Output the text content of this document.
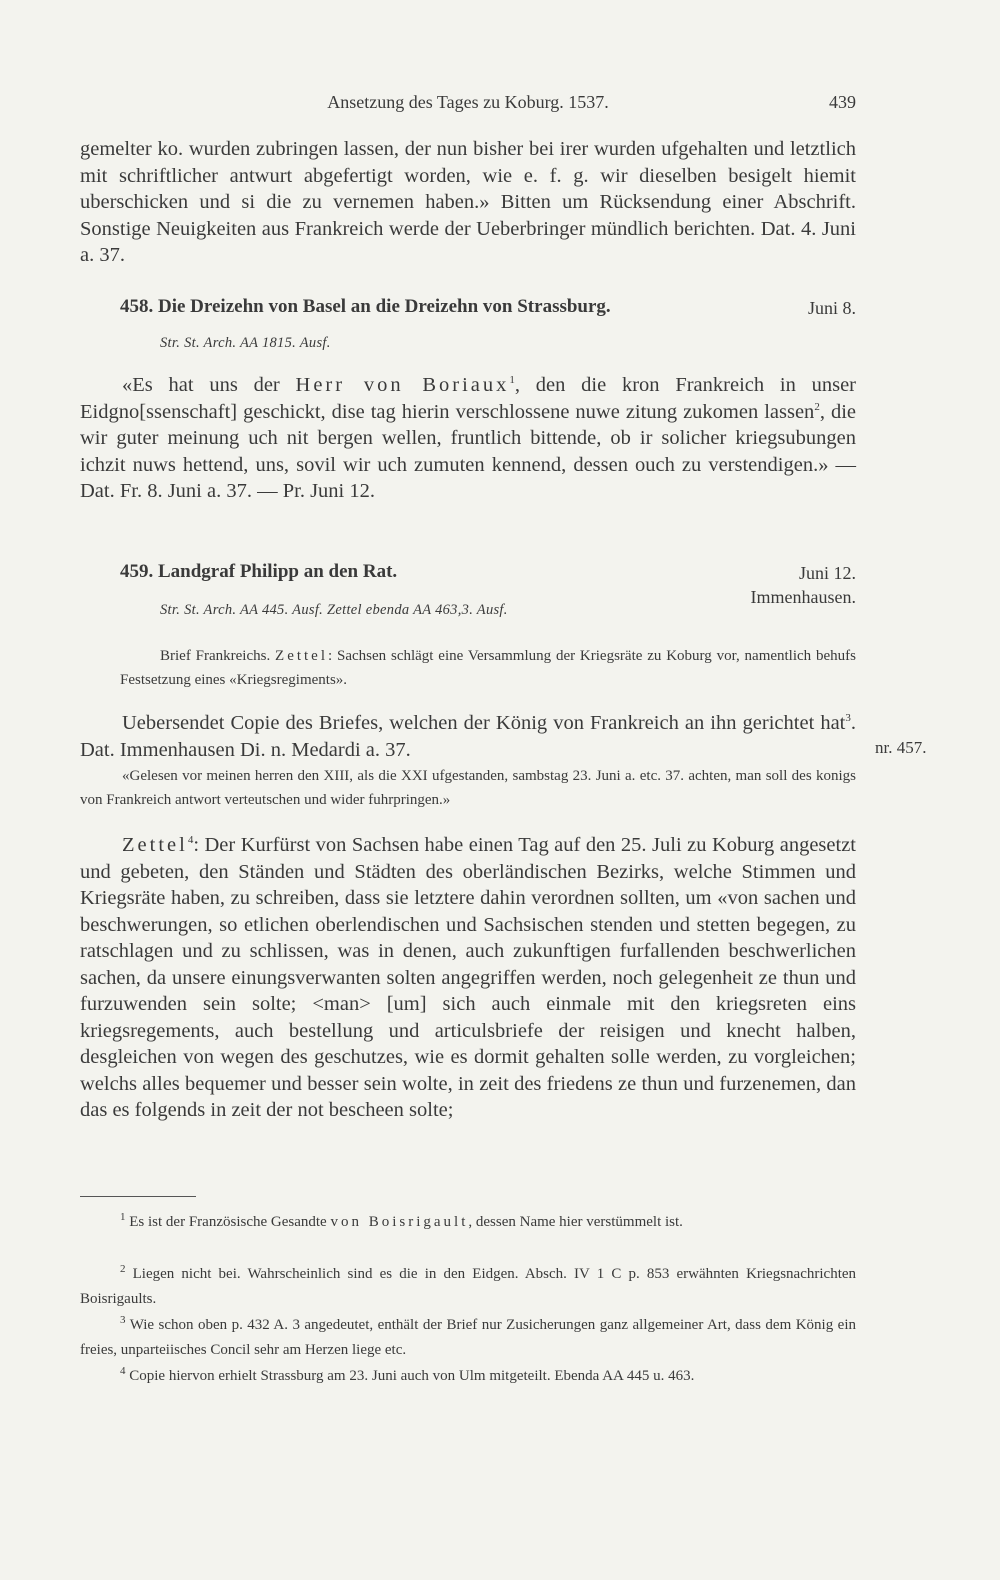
Ansetzung des Tages zu Koburg. 1537.	439

gemelter ko. wurden zubringen lassen, der nun bisher bei irer wurden ufgehalten und letztlich mit schriftlicher antwurt abgefertigt worden, wie e. f. g. wir dieselben besigelt hiemit uberschicken und si die zu vernemen haben.» Bitten um Rücksendung einer Abschrift. Sonstige Neuigkeiten aus Frankreich werde der Ueberbringer mündlich berichten. Dat. 4. Juni a. 37.

458. Die Dreizehn von Basel an die Dreizehn von Strassburg.	Juni 8.
Str. St. Arch. AA 1815. Ausf.

«Es hat uns der Herr von Boriaux$^1$, den die kron Frankreich in unser Eidgno[ssenschaft] geschickt, dise tag hierin verschlossene nuwe zitung zukomen lassen$^2$, die wir guter meinung uch nit bergen wellen, fruntlich bittende, ob ir solicher kriegsubungen ichzit nuws hettend, uns, sovil wir uch zumuten kennend, dessen ouch zu verstendigen.» — Dat. Fr. 8. Juni a. 37. — Pr. Juni 12.

459. Landgraf Philipp an den Rat.	Juni 12.
Immenhausen.
Str. St. Arch. AA 445. Ausf. Zettel ebenda AA 463,3. Ausf.
Brief Frankreichs. Zettel: Sachsen schlägt eine Versammlung der Kriegsräte zu Koburg vor, namentlich behufs Festsetzung eines «Kriegsregiments».

Uebersendet Copie des Briefes, welchen der König von Frankreich an ihn gerichtet hat$^3$. Dat. Immenhausen Di. n. Medardi a. 37.	nr. 457.
«Gelesen vor meinen herren den XIII, als die XXI ufgestanden, sambstag 23. Juni a. etc. 37. achten, man soll des konigs von Frankreich antwort verteutschen und wider fuhrpringen.»

Zettel$^4$: Der Kurfürst von Sachsen habe einen Tag auf den 25. Juli zu Koburg angesetzt und gebeten, den Ständen und Städten des oberländischen Bezirks, welche Stimmen und Kriegsräte haben, zu schreiben, dass sie letztere dahin verordnen sollten, um «von sachen und beschwerungen, so etlichen oberlendischen und Sachsischen stenden und stetten begegen, zu ratschlagen und zu schlissen, was in denen, auch zukunftigen furfallenden beschwerlichen sachen, da unsere einungsverwanten solten angegriffen werden, noch gelegenheit ze thun und furzuwenden sein solte; <man> [um] sich auch einmale mit den kriegsreten eins kriegsregements, auch bestellung und articulsbriefe der reisigen und knecht halben, desgleichen von wegen des geschutzes, wie es dormit gehalten solle werden, zu vorgleichen; welchs alles bequemer und besser sein wolte, in zeit des friedens ze thun und furzenemen, dan das es folgends in zeit der not bescheen solte;

$^1$ Es ist der Französische Gesandte von Boisrigault, dessen Name hier verstümmelt ist.
$^2$ Liegen nicht bei. Wahrscheinlich sind es die in den Eidgen. Absch. IV 1 C p. 853 erwähnten Kriegsnachrichten Boisrigaults.
$^3$ Wie schon oben p. 432 A. 3 angedeutet, enthält der Brief nur Zusicherungen ganz allgemeiner Art, dass dem König ein freies, unparteiisches Concil sehr am Herzen liege etc.
$^4$ Copie hiervon erhielt Strassburg am 23. Juni auch von Ulm mitgeteilt. Ebenda AA 445 u. 463.
